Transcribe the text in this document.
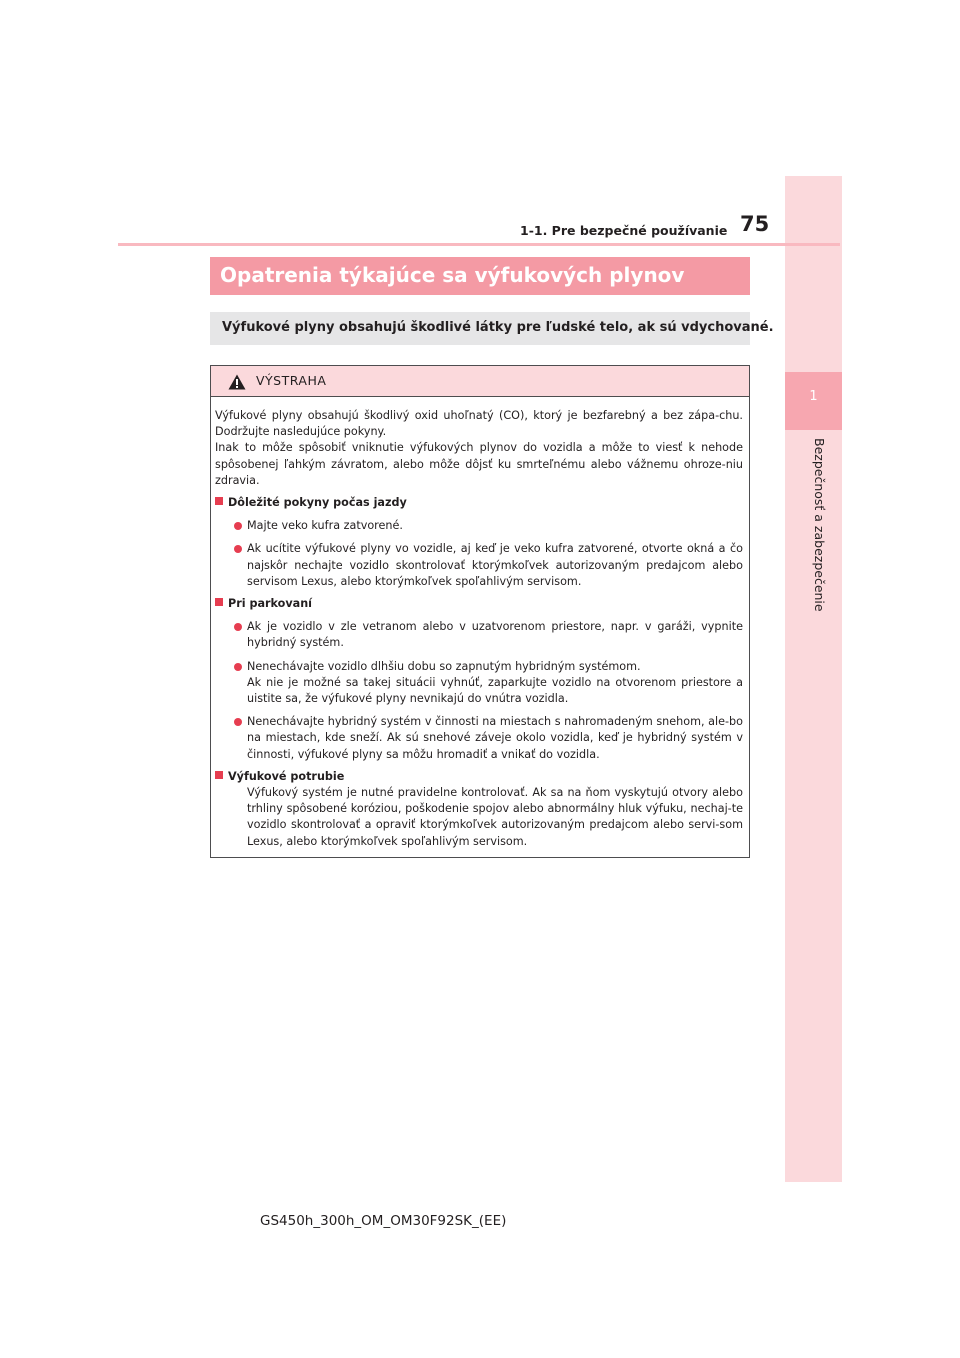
1
Bezpečnosť a zabezpečenie
1-1. Pre bezpečné používanie 75
Opatrenia týkajúce sa výfukových plynov
Výfukové plyny obsahujú škodlivé látky pre ľudské telo, ak sú vdychované.
VÝSTRAHA

Výfukové plyny obsahujú škodlivý oxid uhoľnatý (CO), ktorý je bezfarebný a bez zápa-chu. Dodržujte nasledujúce pokyny.

Inak to môže spôsobiť vniknutie výfukových plynov do vozidla a môže to viesť k nehode spôsobenej ľahkým závratom, alebo môže dôjsť ku smrteľnému alebo vážnemu ohroze-niu zdravia.

Dôležité pokyny počas jazdy
Majte veko kufra zatvorené.
Ak ucítite výfukové plyny vo vozidle, aj keď je veko kufra zatvorené, otvorte okná a čo najskôr nechajte vozidlo skontrolovať ktorýmkoľvek autorizovaným predajcom alebo servisom Lexus, alebo ktorýmkoľvek spoľahlivým servisom.
Pri parkovaní
Ak je vozidlo v zle vetranom alebo v uzatvorenom priestore, napr. v garáži, vypnite hybridný systém.
Nenechávajte vozidlo dlhšiu dobu so zapnutým hybridným systémom.
Ak nie je možné sa takej situácii vyhnúť, zaparkujte vozidlo na otvorenom priestore a uistite sa, že výfukové plyny nevnikajú do vnútra vozidla.
Nenechávajte hybridný systém v činnosti na miestach s nahromadeným snehom, ale-bo na miestach, kde sneží. Ak sú snehové záveje okolo vozidla, keď je hybridný systém v činnosti, výfukové plyny sa môžu hromadiť a vnikať do vozidla.
Výfukové potrubie

Výfukový systém je nutné pravidelne kontrolovať. Ak sa na ňom vyskytujú otvory alebo trhliny spôsobené koróziou, poškodenie spojov alebo abnormálny hluk výfuku, nechaj-te vozidlo skontrolovať a opraviť ktorýmkoľvek autorizovaným predajcom alebo servi-som Lexus, alebo ktorýmkoľvek spoľahlivým servisom.

GS450h_300h_OM_OM30F92SK_(EE)
